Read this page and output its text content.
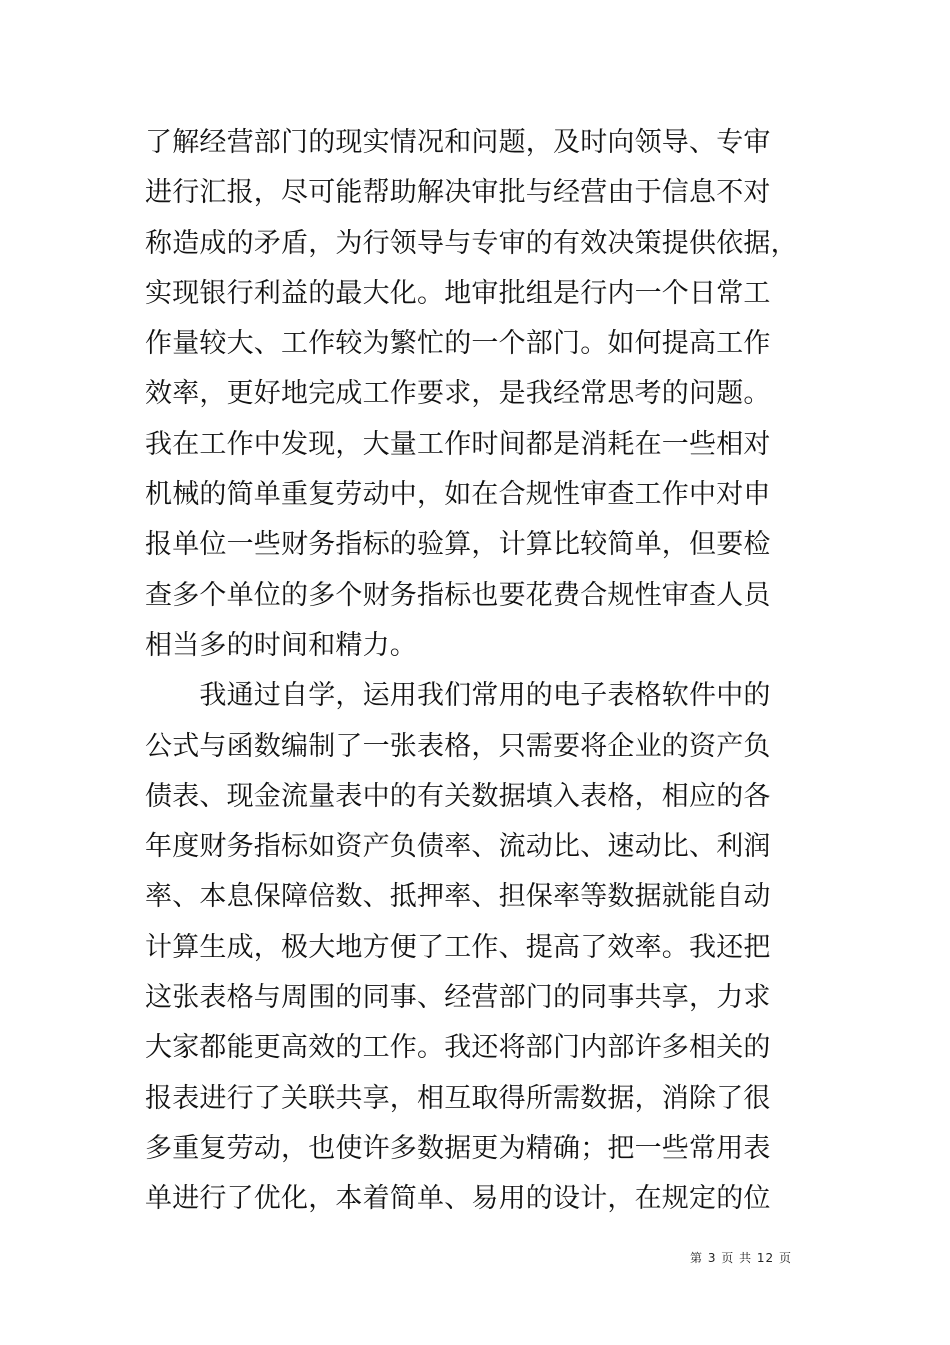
了解经营部门的现实情况和问题，及时向领导、专审
进行汇报，尽可能帮助解决审批与经营由于信息不对
称造成的矛盾，为行领导与专审的有效决策提供依据，
实现银行利益的最大化。地审批组是行内一个日常工
作量较大、工作较为繁忙的一个部门。如何提高工作
效率，更好地完成工作要求，是我经常思考的问题。
我在工作中发现，大量工作时间都是消耗在一些相对
机械的简单重复劳动中，如在合规性审查工作中对申
报单位一些财务指标的验算，计算比较简单，但要检
查多个单位的多个财务指标也要花费合规性审查人员
相当多的时间和精力。
　　我通过自学，运用我们常用的电子表格软件中的
公式与函数编制了一张表格，只需要将企业的资产负
债表、现金流量表中的有关数据填入表格，相应的各
年度财务指标如资产负债率、流动比、速动比、利润
率、本息保障倍数、抵押率、担保率等数据就能自动
计算生成，极大地方便了工作、提高了效率。我还把
这张表格与周围的同事、经营部门的同事共享，力求
大家都能更高效的工作。我还将部门内部许多相关的
报表进行了关联共享，相互取得所需数据，消除了很
多重复劳动，也使许多数据更为精确；把一些常用表
单进行了优化，本着简单、易用的设计，在规定的位
第 3 页 共 12 页
